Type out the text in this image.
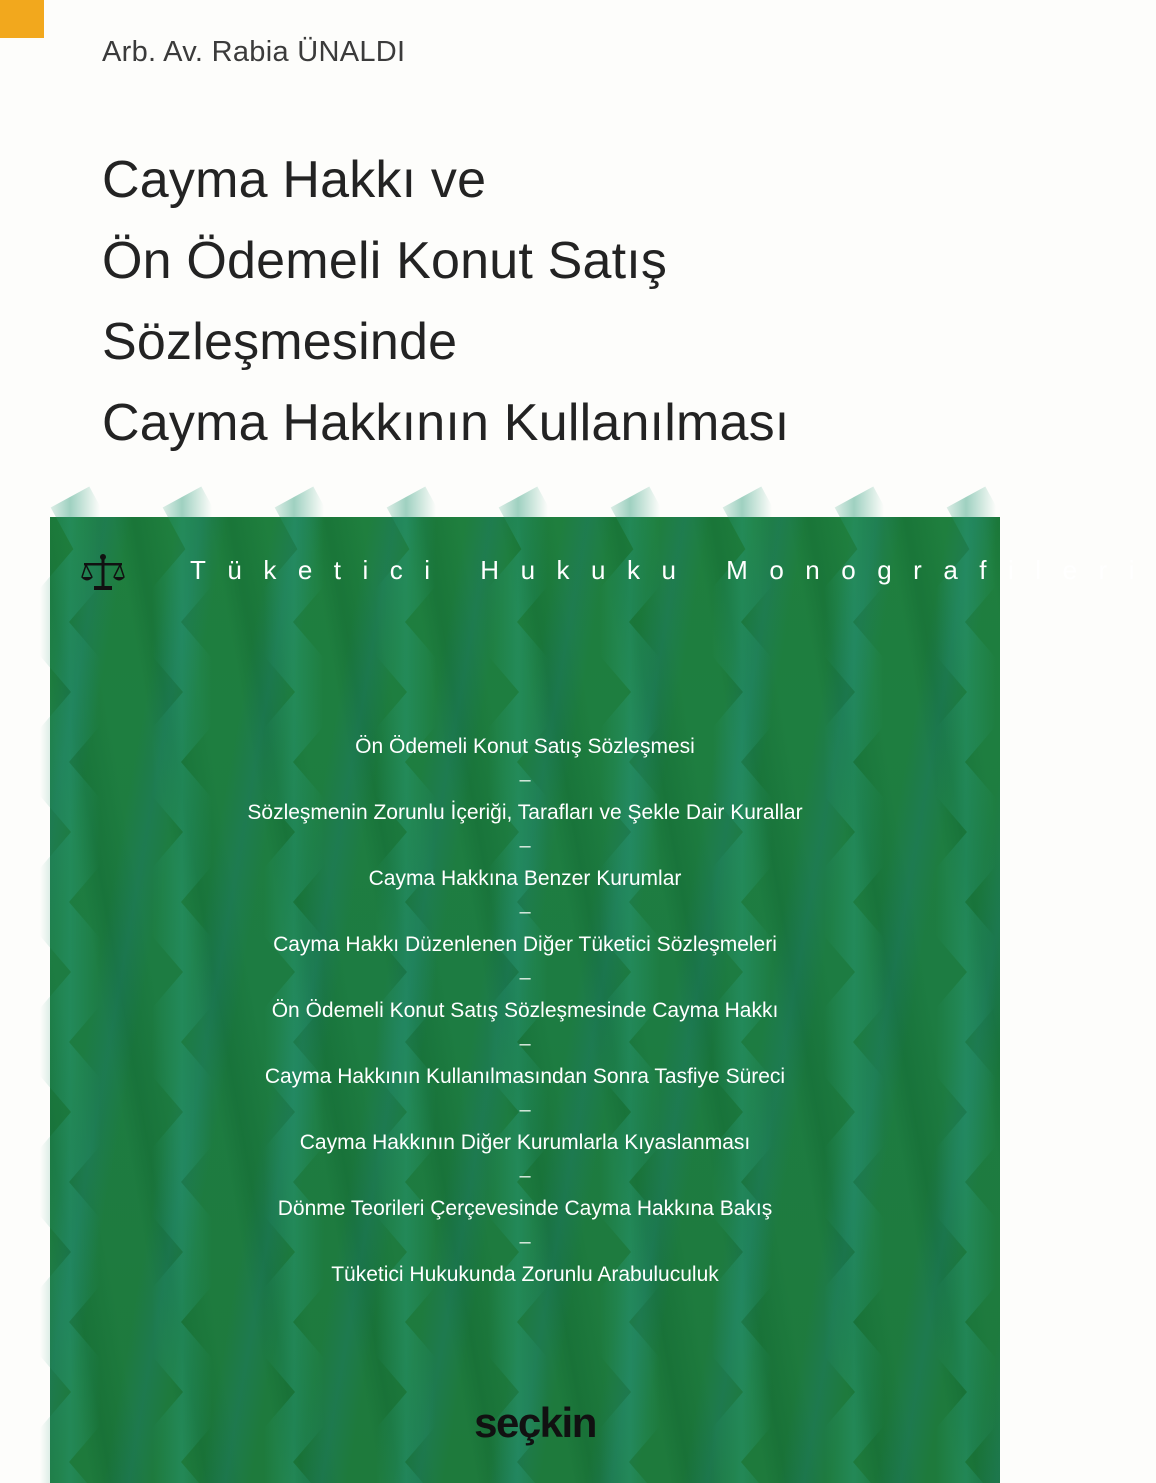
Arb. Av. Rabia ÜNALDI
Cayma Hakkı ve
Ön Ödemeli Konut Satış
Sözleşmesinde
Cayma Hakkının Kullanılması
Tüketici Hukuku Monografileri
Ön Ödemeli Konut Satış Sözleşmesi
–
Sözleşmenin Zorunlu İçeriği, Tarafları ve Şekle Dair Kurallar
–
Cayma Hakkına Benzer Kurumlar
–
Cayma Hakkı Düzenlenen Diğer Tüketici Sözleşmeleri
–
Ön Ödemeli Konut Satış Sözleşmesinde Cayma Hakkı
–
Cayma Hakkının Kullanılmasından Sonra Tasfiye Süreci
–
Cayma Hakkının Diğer Kurumlarla Kıyaslanması
–
Dönme Teorileri Çerçevesinde Cayma Hakkına Bakış
–
Tüketici Hukukunda Zorunlu Arabuluculuk
seçkin
